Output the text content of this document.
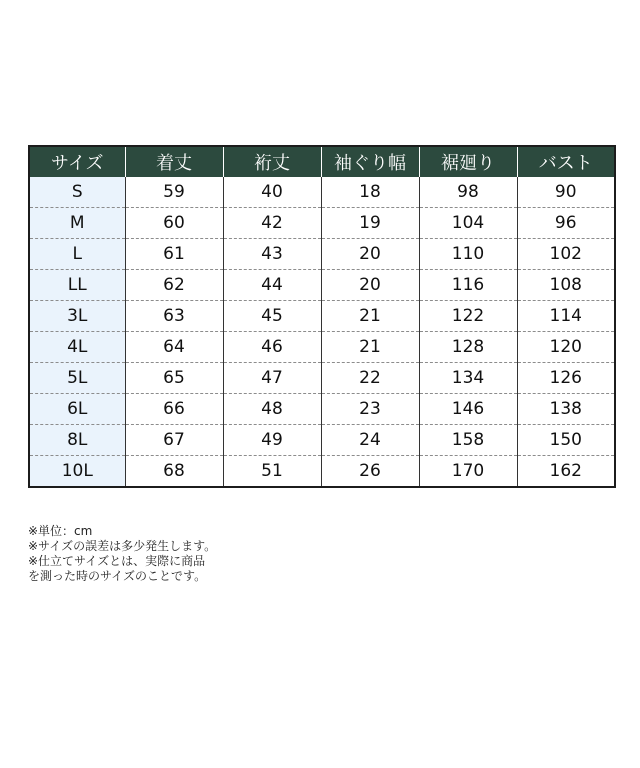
サイズ	着丈	裄丈	袖ぐり幅	裾廻り	バスト
S	59	40	18	98	90
M	60	42	19	104	96
L	61	43	20	110	102
LL	62	44	20	116	108
3L	63	45	21	122	114
4L	64	46	21	128	120
5L	65	47	22	134	126
6L	66	48	23	146	138
8L	67	49	24	158	150
10L	68	51	26	170	162
※単位：cm
※サイズの誤差は多少発生します。
※仕立てサイズとは、実際に商品
を測った時のサイズのことです。
